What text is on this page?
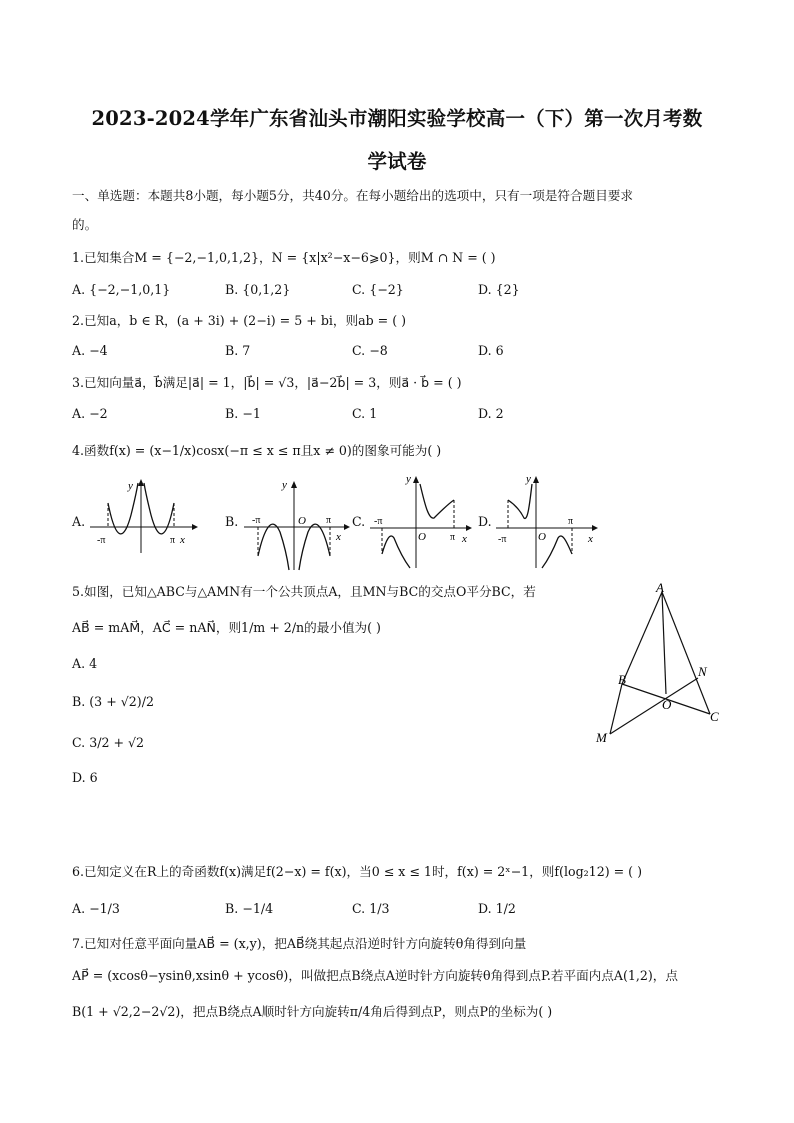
2023-2024学年广东省汕头市潮阳实验学校高一（下）第一次月考数
学试卷
一、单选题：本题共8小题，每小题5分，共40分。在每小题给出的选项中，只有一项是符合题目要求
的。
1.已知集合M = {−2,−1,0,1,2}，N = {x|x²−x−6⩾0}，则M ∩ N = ( )
A. {−2,−1,0,1}	B. {0,1,2}	C. {−2}	D. {2}
2.已知a，b ∈ R，(a + 3i) + (2−i) = 5 + bi，则ab = ( )
A. −4	B. 7	C. −8	D. 6
3.已知向量a⃗，b⃗满足|a⃗| = 1，|b⃗| = √3，|a⃗−2b⃗| = 3，则a⃗ · b⃗ = ( )
A. −2	B. −1	C. 1	D. 2
4.函数f(x) = (x−1/x)cosx(−π ≤ x ≤ π且x ≠ 0)的图象可能为( )
A.	B.	C.	D.
y
-π	π x
y
-π	O π
x
y
-π
O π x
y
-π	O
π
x
5.如图，已知△ABC与△AMN有一个公共顶点A，且MN与BC的交点O平分BC，若
AB⃗ = mAM⃗，AC⃗ = nAN⃗，则1/m + 2/n的最小值为( )
A. 4
B. (3 + √2)/2
C. 3/2 + √2
D. 6
A
B
N
O
C
M
6.已知定义在R上的奇函数f(x)满足f(2−x) = f(x)，当0 ≤ x ≤ 1时，f(x) = 2ˣ−1，则f(log₂12) = ( )
A. −1/3	B. −1/4	C. 1/3	D. 1/2
7.已知对任意平面向量AB⃗ = (x,y)，把AB⃗绕其起点沿逆时针方向旋转θ角得到向量
AP⃗ = (xcosθ−ysinθ,xsinθ + ycosθ)，叫做把点B绕点A逆时针方向旋转θ角得到点P.若平面内点A(1,2)，点
B(1 + √2,2−2√2)，把点B绕点A顺时针方向旋转π/4角后得到点P，则点P的坐标为( )
